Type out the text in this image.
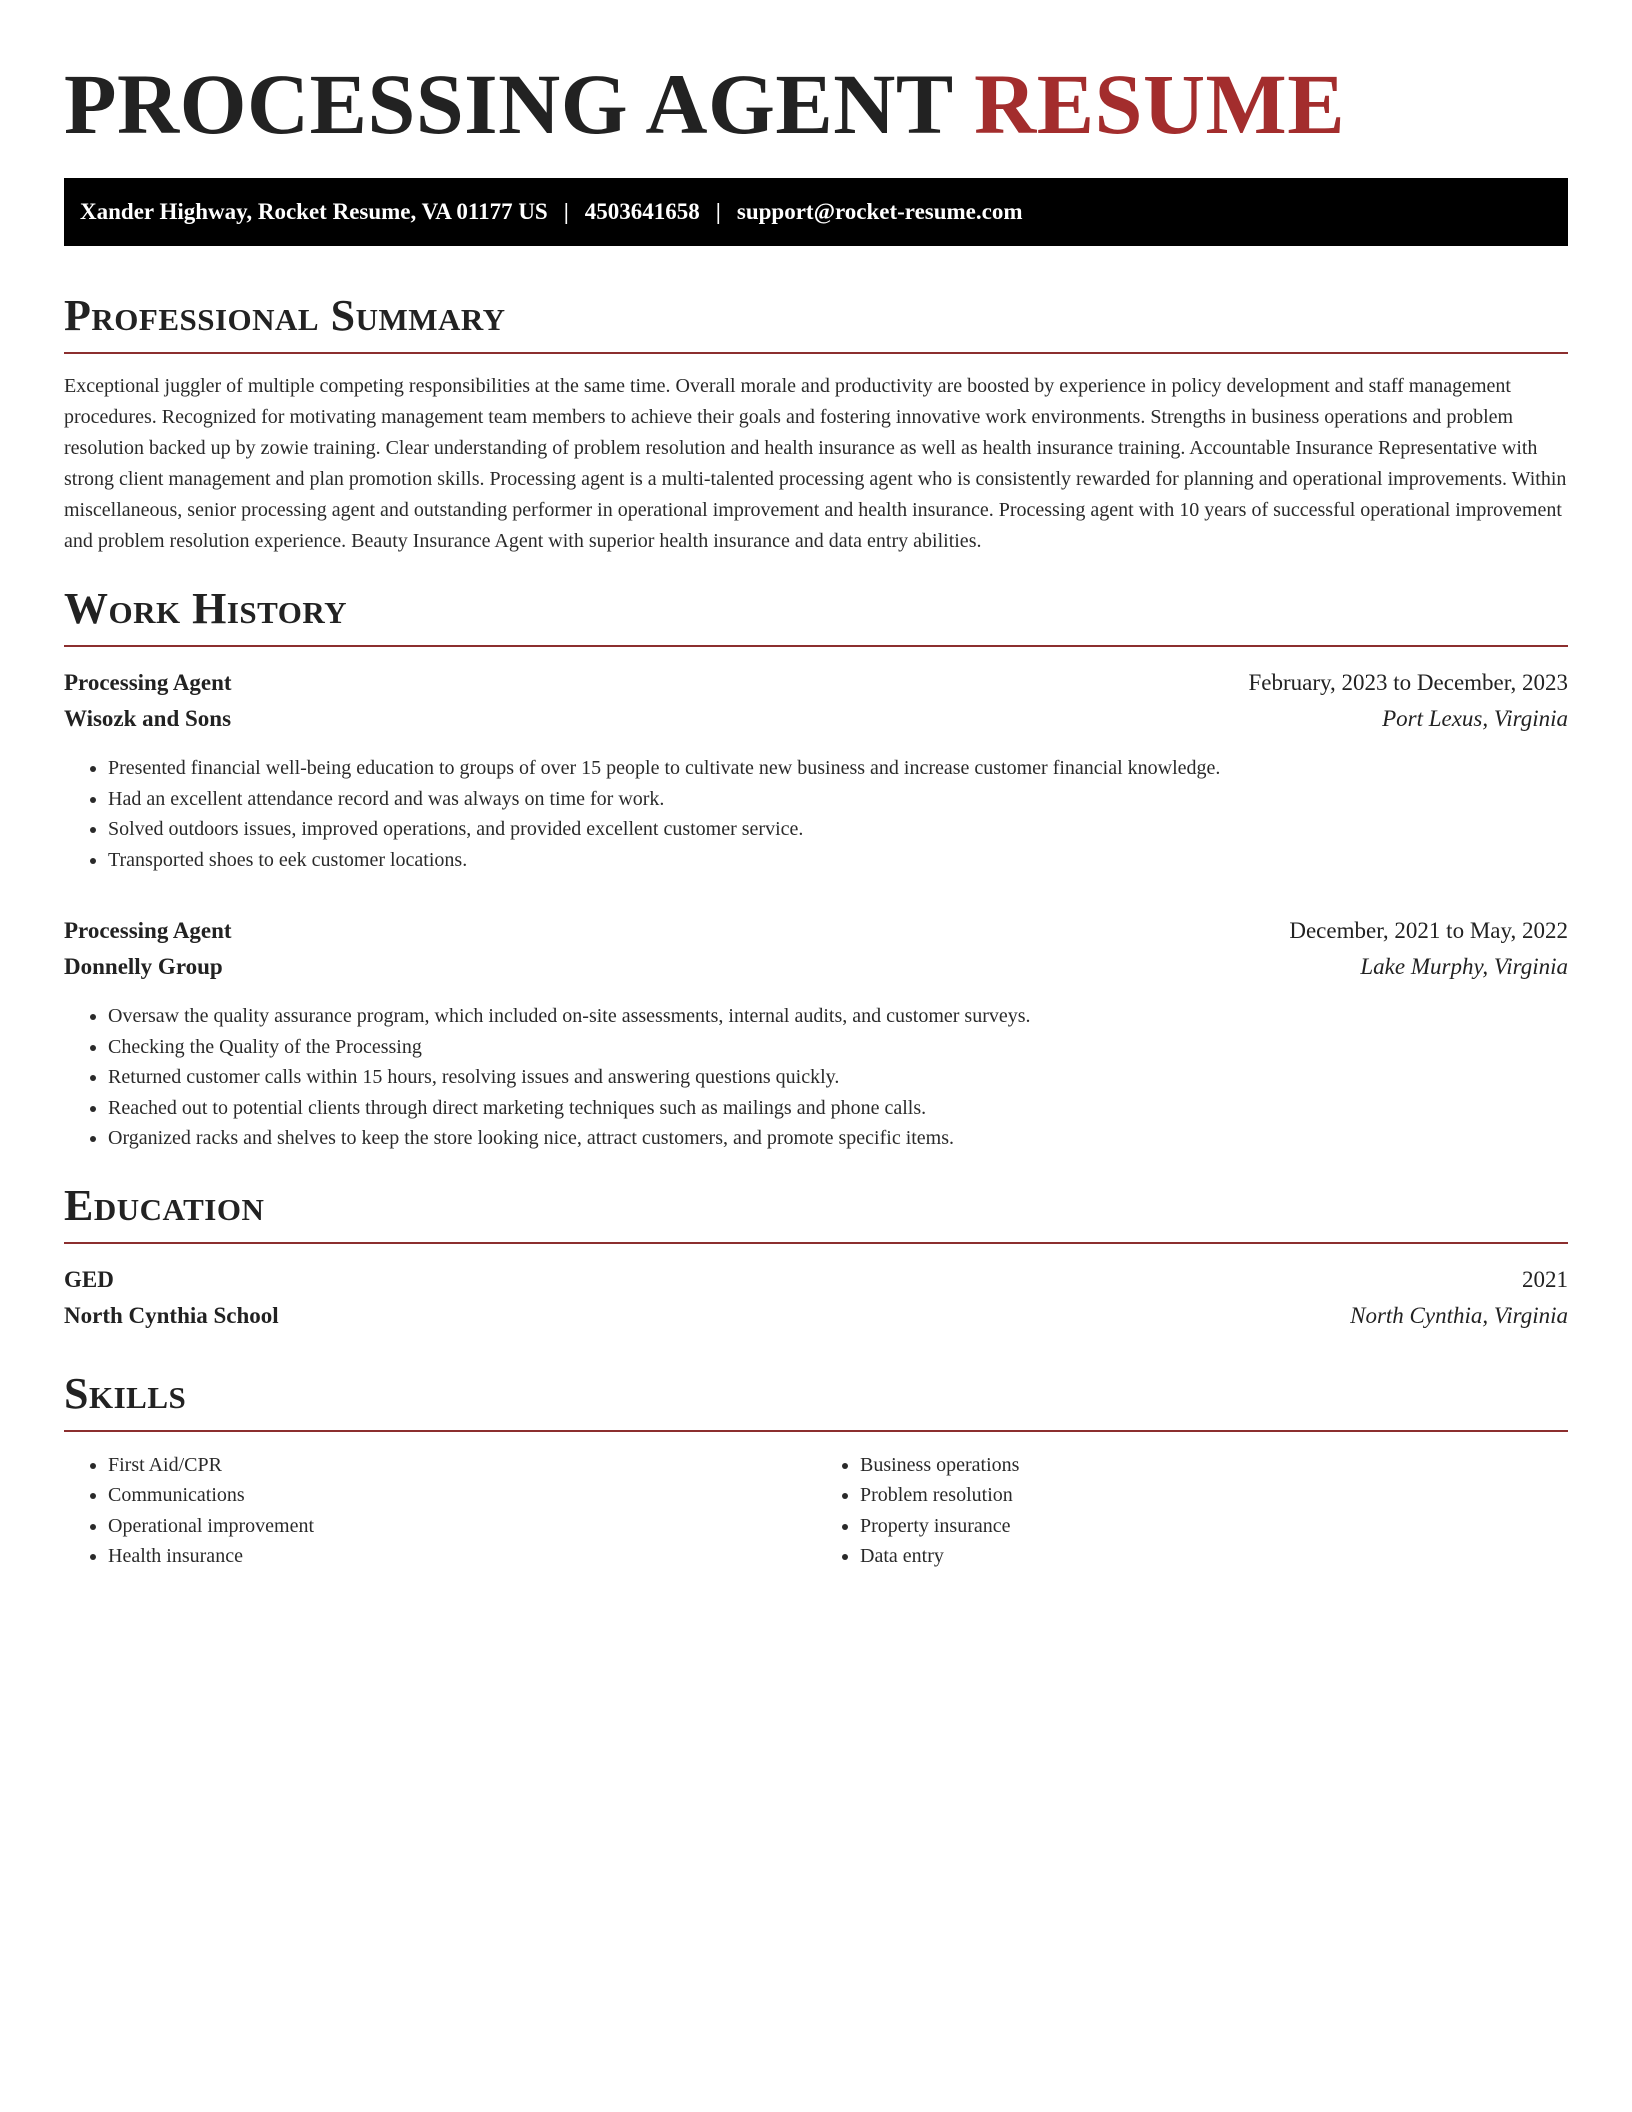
PROCESSING AGENT RESUME
Xander Highway, Rocket Resume, VA 01177 US | 4503641658 | support@rocket-resume.com
Professional Summary

Exceptional juggler of multiple competing responsibilities at the same time. Overall morale and productivity are boosted by experience in policy development and staff management procedures. Recognized for motivating management team members to achieve their goals and fostering innovative work environments. Strengths in business operations and problem resolution backed up by zowie training. Clear understanding of problem resolution and health insurance as well as health insurance training. Accountable Insurance Representative with strong client management and plan promotion skills. Processing agent is a multi-talented processing agent who is consistently rewarded for planning and operational improvements. Within miscellaneous, senior processing agent and outstanding performer in operational improvement and health insurance. Processing agent with 10 years of successful operational improvement and problem resolution experience. Beauty Insurance Agent with superior health insurance and data entry abilities.

Work History
Processing Agent	February, 2023 to December, 2023
Wisozk and Sons	Port Lexus, Virginia
• Presented financial well-being education to groups of over 15 people to cultivate new business and increase customer financial knowledge.
• Had an excellent attendance record and was always on time for work.
• Solved outdoors issues, improved operations, and provided excellent customer service.
• Transported shoes to eek customer locations.
Processing Agent	December, 2021 to May, 2022
Donnelly Group	Lake Murphy, Virginia
• Oversaw the quality assurance program, which included on-site assessments, internal audits, and customer surveys.
• Checking the Quality of the Processing
• Returned customer calls within 15 hours, resolving issues and answering questions quickly.
• Reached out to potential clients through direct marketing techniques such as mailings and phone calls.
• Organized racks and shelves to keep the store looking nice, attract customers, and promote specific items.
Education
GED	2021
North Cynthia School	North Cynthia, Virginia
Skills
• First Aid/CPR
• Communications
• Operational improvement
• Health insurance
• Business operations
• Problem resolution
• Property insurance
• Data entry
